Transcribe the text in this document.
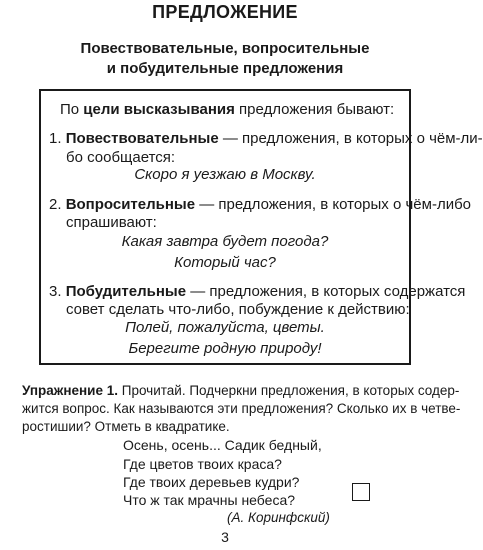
ПРЕДЛОЖЕНИЕ
Повествовательные, вопросительные
и побудительные предложения
По цели высказывания предложения бывают:
1. Повествовательные — предложения, в которых о чём-ли-
бо сообщается:
Скоро я уезжаю в Москву.
2. Вопросительные — предложения, в которых о чём-либо
спрашивают:
Какая завтра будет погода?
Который час?
3. Побудительные — предложения, в которых содержатся
совет сделать что-либо, побуждение к действию:
Полей, пожалуйста, цветы.
Берегите родную природу!
Упражнение 1. Прочитай. Подчеркни предложения, в которых содер-
жится вопрос. Как называются эти предложения? Сколько их в четве-
ростишии? Отметь в квадратике.
Осень, осень... Садик бедный,
Где цветов твоих краса?
Где твоих деревьев кудри?
Что ж так мрачны небеса?
(А. Коринфский)
3
